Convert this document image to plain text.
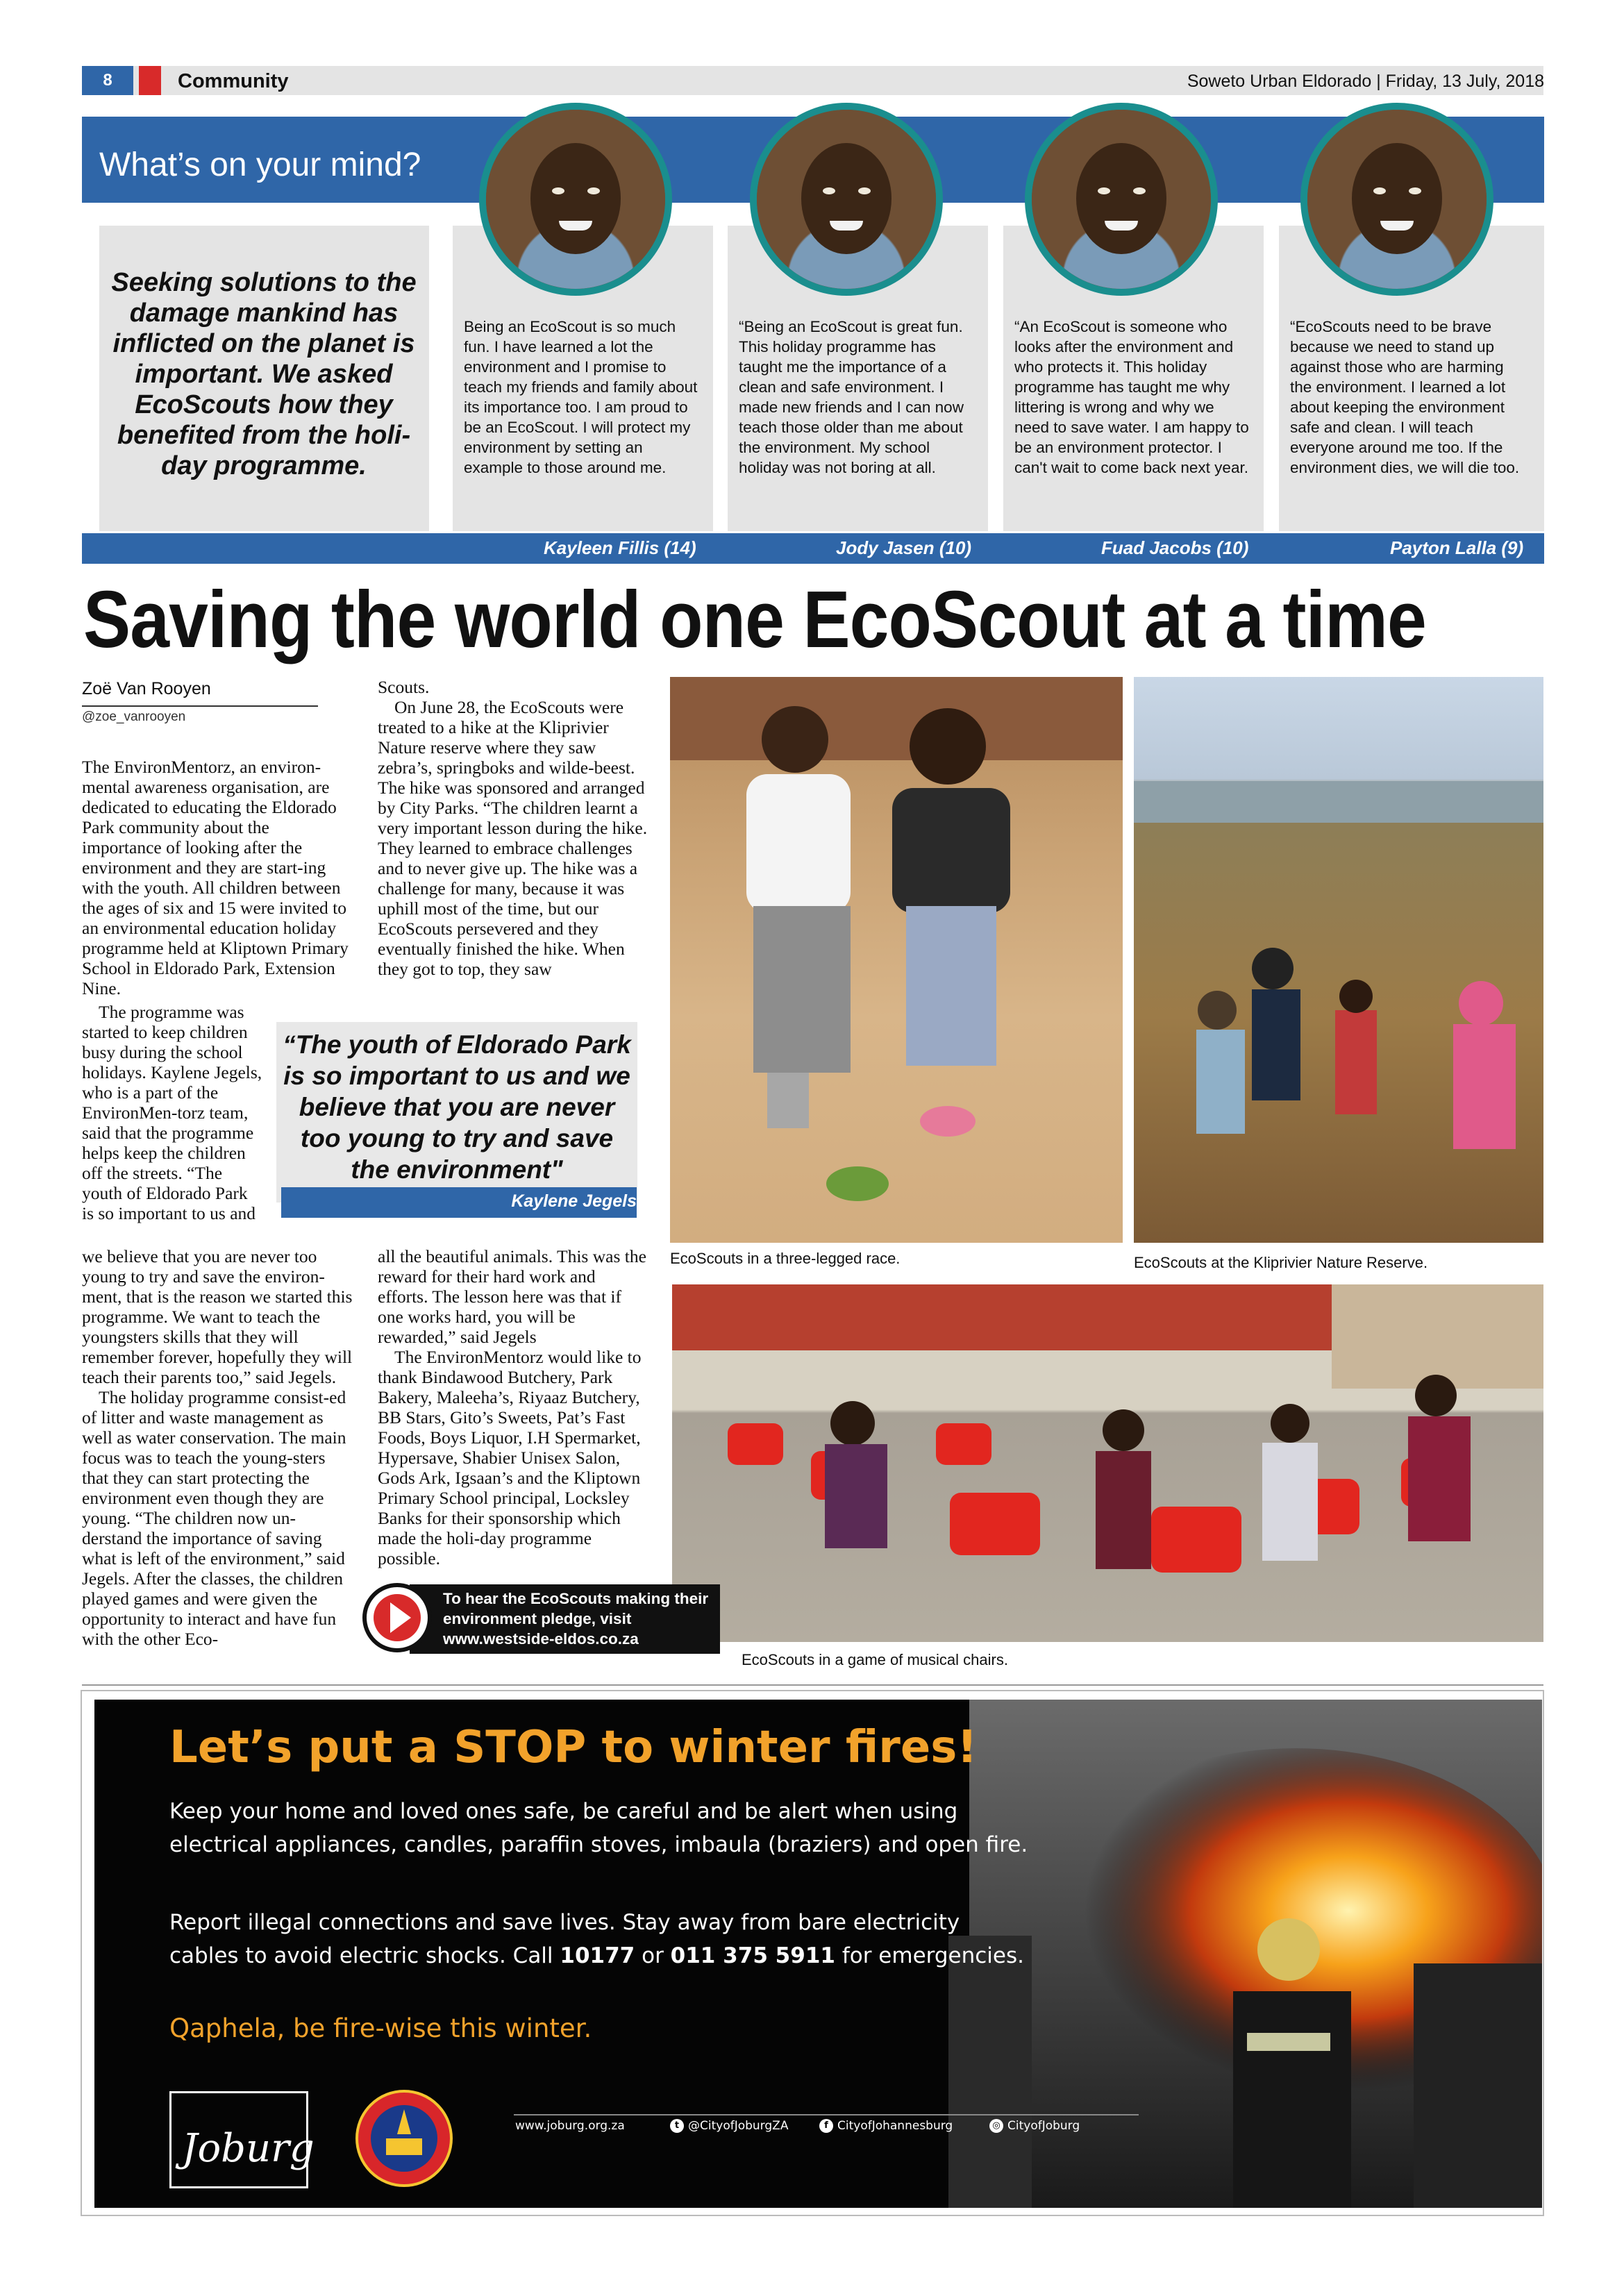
8	Community	Soweto Urban Eldorado | Friday, 13 July, 2018
What’s on your mind?
Seeking solutions to the damage mankind has inflicted on the planet is important. We asked EcoScouts how they benefited from the holi-day programme.
Being an EcoScout is so much fun. I have learned a lot the environment and I promise to teach my friends and family about its importance too. I am proud to be an EcoScout. I will protect my environment by setting an example to those around me.
“Being an EcoScout is great fun. This holiday programme has taught me the importance of a clean and safe environment. I made new friends and I can now teach those older than me about the environment. My school holiday was not boring at all.
“An EcoScout is someone who looks after the environment and who protects it. This holiday programme has taught me why littering is wrong and why we need to save water. I am happy to be an environment protector. I can't wait to come back next year.
“EcoScouts need to be brave because we need to stand up against those who are harming the environment. I learned a lot about keeping the environment safe and clean. I will teach everyone around me too. If the environment dies, we will die too.
Kayleen Fillis (14)	Jody Jasen (10)	Fuad Jacobs (10)	Payton Lalla (9)
Saving the world one EcoScout at a time
Zoë Van Rooyen
@zoe_vanrooyen

The EnvironMentorz, an environ-mental awareness organisation, are dedicated to educating the Eldorado Park community about the importance of looking after the environment and they are start-ing with the youth. All children between the ages of six and 15 were invited to an environmental education holiday programme held at Kliptown Primary School in Eldorado Park, Extension Nine.

The programme was started to keep children busy during the school holidays. Kaylene Jegels, who is a part of the EnvironMen-torz team, said that the programme helps keep the children off the streets. “The youth of Eldorado Park is so important to us and

we believe that you are never too young to try and save the environ-ment, that is the reason we started this programme. We want to teach the youngsters skills that they will remember forever, hopefully they will teach their parents too,” said Jegels.

The holiday programme consist-ed of litter and waste management as well as water conservation. The main focus was to teach the young-sters that they can start protecting the environment even though they are young. “The children now un-derstand the importance of saving what is left of the environment,” said Jegels. After the classes, the children played games and were given the opportunity to interact and have fun with the other Eco-

Scouts.

On June 28, the EcoScouts were treated to a hike at the Kliprivier Nature reserve where they saw zebra’s, springboks and wilde-beest. The hike was sponsored and arranged by City Parks. “The children learnt a very important lesson during the hike. They learned to embrace challenges and to never give up. The hike was a challenge for many, because it was uphill most of the time, but our EcoScouts persevered and they eventually finished the hike. When they got to top, they saw

all the beautiful animals. This was the reward for their hard work and efforts. The lesson here was that if one works hard, you will be rewarded,” said Jegels

The EnvironMentorz would like to thank Bindawood Butchery, Park Bakery, Maleeha’s, Riyaaz Butchery, BB Stars, Gito’s Sweets, Pat’s Fast Foods, Boys Liquor, I.H Spermarket, Hypersave, Shabier Unisex Salon, Gods Ark, Igsaan’s and the Kliptown Primary School principal, Locksley Banks for their sponsorship which made the holi-day programme possible.

“The youth of Eldorado Park is so important to us and we believe that you are never too young to try and save the environment"
Kaylene Jegels
EcoScouts in a three-legged race.	EcoScouts at the Kliprivier Nature Reserve.
EcoScouts in a game of musical chairs.
To hear the EcoScouts making their environment pledge, visit www.westside-eldos.co.za
Let’s put a STOP to winter fires!
Keep your home and loved ones safe, be careful and be alert when using electrical appliances, candles, paraffin stoves, imbaula (braziers) and open fire.
Report illegal connections and save lives. Stay away from bare electricity cables to avoid electric shocks. Call 10177 or 011 375 5911 for emergencies.
Qaphela, be fire-wise this winter.
Joburg	www.joburg.org.za	t @CityofJoburgZA	f CityofJohannesburg	◎ CityofJoburg
